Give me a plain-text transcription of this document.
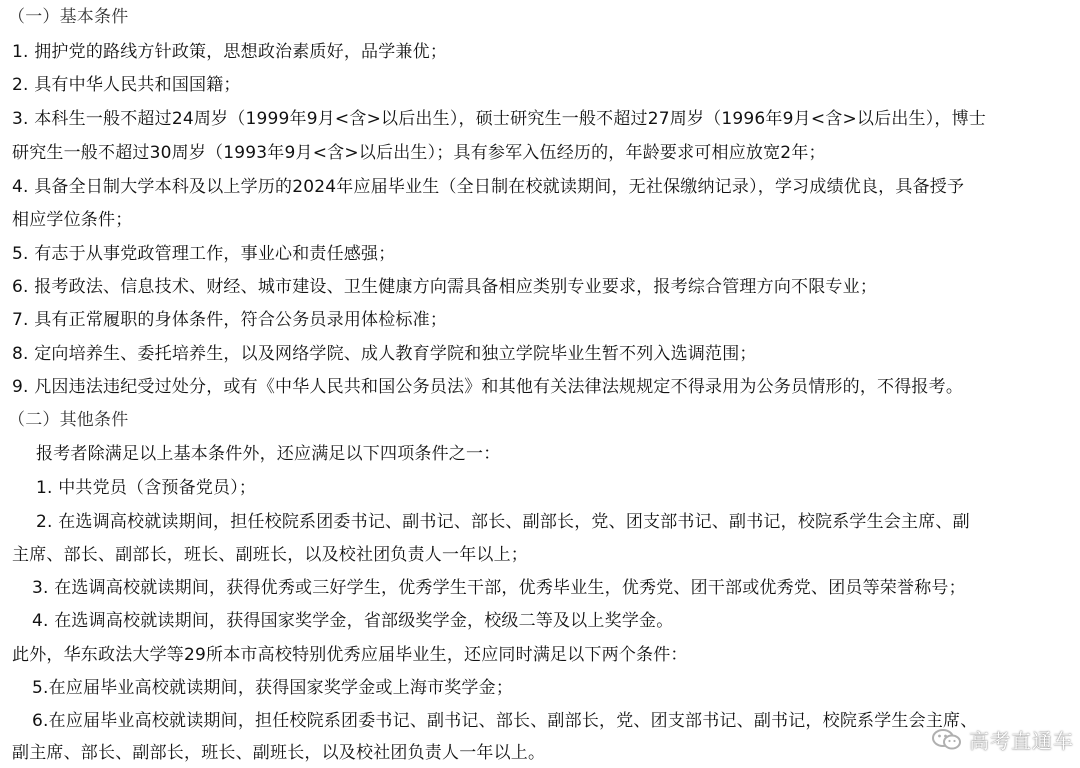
（一）基本条件
1. 拥护党的路线方针政策，思想政治素质好，品学兼优；
2. 具有中华人民共和国国籍；
3. 本科生一般不超过24周岁（1999年9月<含>以后出生），硕士研究生一般不超过27周岁（1996年9月<含>以后出生），博士
研究生一般不超过30周岁（1993年9月<含>以后出生）；具有参军入伍经历的，年龄要求可相应放宽2年；
4. 具备全日制大学本科及以上学历的2024年应届毕业生（全日制在校就读期间，无社保缴纳记录），学习成绩优良，具备授予
相应学位条件；
5. 有志于从事党政管理工作，事业心和责任感强；
6. 报考政法、信息技术、财经、城市建设、卫生健康方向需具备相应类别专业要求，报考综合管理方向不限专业；
7. 具有正常履职的身体条件，符合公务员录用体检标准；
8. 定向培养生、委托培养生，以及网络学院、成人教育学院和独立学院毕业生暂不列入选调范围；
9. 凡因违法违纪受过处分，或有《中华人民共和国公务员法》和其他有关法律法规规定不得录用为公务员情形的，不得报考。
（二）其他条件
报考者除满足以上基本条件外，还应满足以下四项条件之一：
1. 中共党员（含预备党员）；
2. 在选调高校就读期间，担任校院系团委书记、副书记、部长、副部长，党、团支部书记、副书记，校院系学生会主席、副
主席、部长、副部长，班长、副班长，以及校社团负责人一年以上；
3. 在选调高校就读期间，获得优秀或三好学生，优秀学生干部，优秀毕业生，优秀党、团干部或优秀党、团员等荣誉称号；
4. 在选调高校就读期间，获得国家奖学金，省部级奖学金，校级二等及以上奖学金。
此外，华东政法大学等29所本市高校特别优秀应届毕业生，还应同时满足以下两个条件：
5.在应届毕业高校就读期间，获得国家奖学金或上海市奖学金；
6.在应届毕业高校就读期间，担任校院系团委书记、副书记、部长、副部长，党、团支部书记、副书记，校院系学生会主席、
副主席、部长、副部长，班长、副班长，以及校社团负责人一年以上。	高考直通车
